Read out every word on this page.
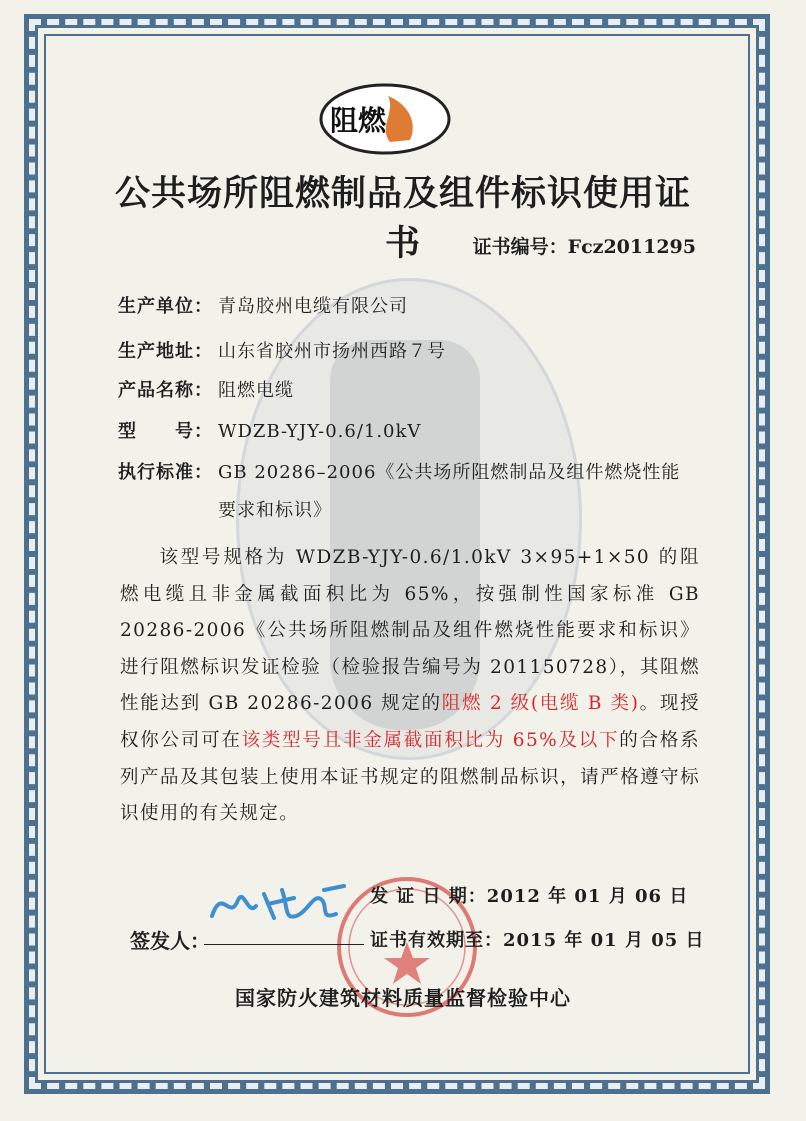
阻燃
公共场所阻燃制品及组件标识使用证书	证书编号：Fcz2011295
生产单位： 青岛胶州电缆有限公司
生产地址： 山东省胶州市扬州西路７号
产品名称： 阻燃电缆
型　　号： WDZB-YJY-0.6/1.0kV
执行标准： GB 20286–2006《公共场所阻燃制品及组件燃烧性能
要求和标识》
该型号规格为 WDZB-YJY-0.6/1.0kV 3×95+1×50 的阻燃电缆且非金属截面积比为 65%，按强制性国家标准 GB 20286-2006《公共场所阻燃制品及组件燃烧性能要求和标识》进行阻燃标识发证检验（检验报告编号为 201150728），其阻燃性能达到 GB 20286-2006 规定的阻燃 2 级(电缆 B 类)。现授权你公司可在该类型号且非金属截面积比为 65%及以下的合格系列产品及其包装上使用本证书规定的阻燃制品标识，请严格遵守标识使用的有关规定。
发 证 日 期：2012 年 01 月 06 日
证书有效期至：2015 年 01 月 05 日
签发人：
国家防火建筑材料质量监督检验中心
